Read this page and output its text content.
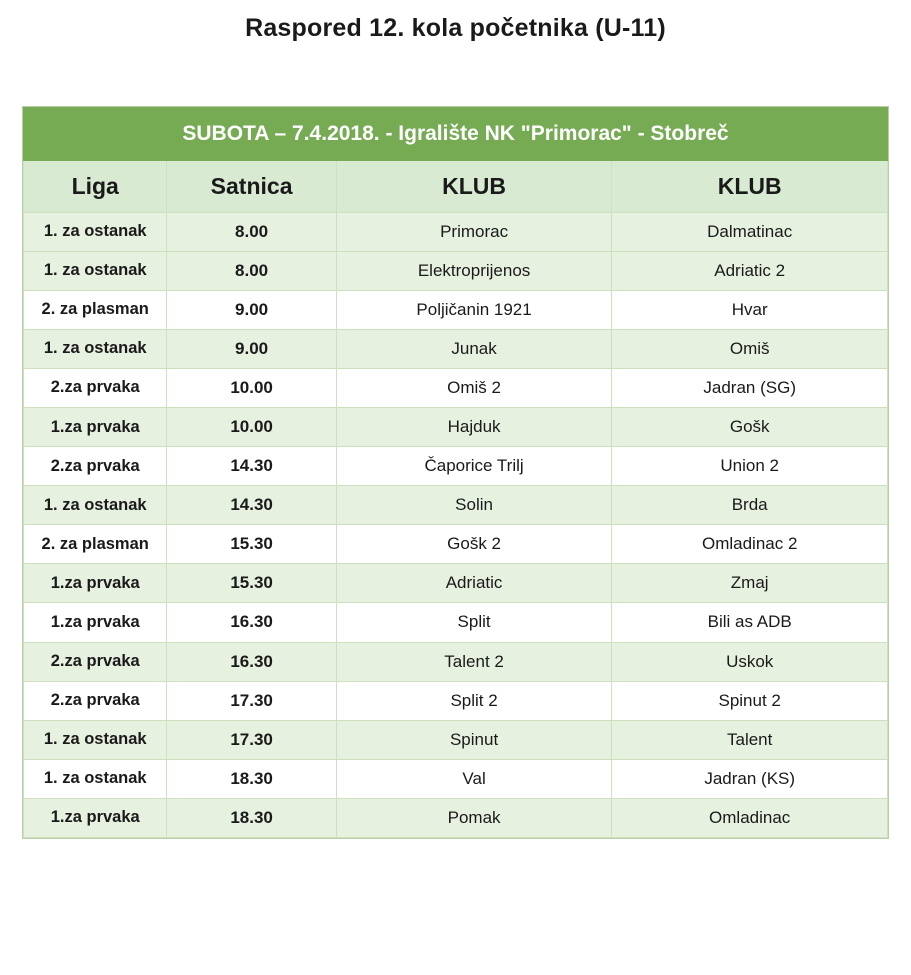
Raspored 12. kola početnika (U-11)
SUBOTA – 7.4.2018. - Igralište NK "Primorac" - Stobreč			
Liga	Satnica	KLUB	KLUB
1. za ostanak	8.00	Primorac	Dalmatinac
1. za ostanak	8.00	Elektroprijenos	Adriatic 2
2. za plasman	9.00	Poljičanin 1921	Hvar
1. za ostanak	9.00	Junak	Omiš
2.za prvaka	10.00	Omiš 2	Jadran (SG)
1.za prvaka	10.00	Hajduk	Gošk
2.za prvaka	14.30	Čaporice Trilj	Union 2
1. za ostanak	14.30	Solin	Brda
2. za plasman	15.30	Gošk 2	Omladinac 2
1.za prvaka	15.30	Adriatic	Zmaj
1.za prvaka	16.30	Split	Bili as ADB
2.za prvaka	16.30	Talent 2	Uskok
2.za prvaka	17.30	Split 2	Spinut 2
1. za ostanak	17.30	Spinut	Talent
1. za ostanak	18.30	Val	Jadran (KS)
1.za prvaka	18.30	Pomak	Omladinac
